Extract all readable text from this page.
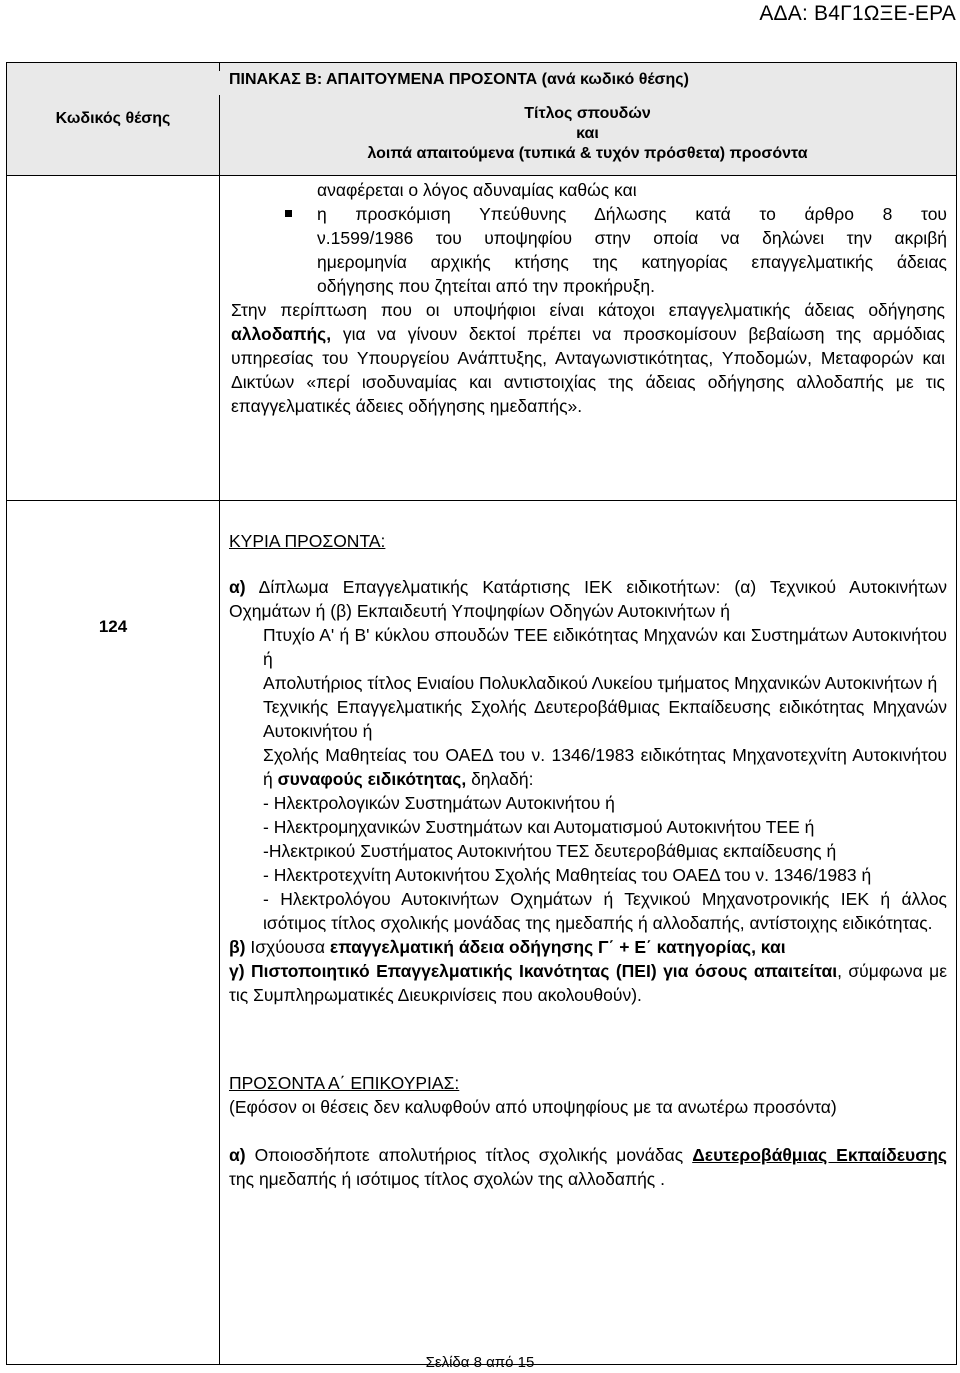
ΑΔΑ: Β4Γ1ΩΞΕ-ΕΡΑ
Κωδικός θέσης	Τίτλος σπουδών
και
λοιπά απαιτούμενα (τυπικά & τυχόν πρόσθετα) προσόντα
ΠΙΝΑΚΑΣ Β: ΑΠΑΙΤΟΥΜΕΝΑ ΠΡΟΣΟΝΤΑ (ανά κωδικό θέσης)
αναφέρεται ο λόγος αδυναμίας καθώς και

η προσκόμιση Υπεύθυνης Δήλωσης κατά το άρθρο 8 του

ν.1599/1986 του υποψηφίου στην οποία να δηλώνει την ακριβή

ημερομηνία αρχικής κτήσης της κατηγορίας επαγγελματικής άδειας

οδήγησης που ζητείται από την προκήρυξη.

Στην περίπτωση που οι υποψήφιοι είναι κάτοχοι επαγγελματικής άδειας οδήγησης αλλοδαπής, για να γίνουν δεκτοί πρέπει να προσκομίσουν βεβαίωση της αρμόδιας υπηρεσίας του Υπουργείου Ανάπτυξης, Ανταγωνιστικότητας, Υποδομών, Μεταφορών και Δικτύων «περί ισοδυναμίας και αντιστοιχίας της άδειας οδήγησης αλλοδαπής με τις επαγγελματικές άδειες οδήγησης ημεδαπής».

124

ΚΥΡΙΑ ΠΡΟΣΟΝΤΑ:

α) Δίπλωμα Επαγγελματικής Κατάρτισης ΙΕΚ ειδικοτήτων: (α) Τεχνικού Αυτοκινήτων Οχημάτων ή (β) Εκπαιδευτή Υποψηφίων Οδηγών Αυτοκινήτων ή

Πτυχίο Α' ή Β' κύκλου σπουδών ΤΕΕ ειδικότητας Μηχανών και Συστημάτων Αυτοκινήτου ή

Απολυτήριος τίτλος Ενιαίου Πολυκλαδικού Λυκείου τμήματος Μηχανικών Αυτοκινήτων ή

Τεχνικής Επαγγελματικής Σχολής Δευτεροβάθμιας Εκπαίδευσης ειδικότητας Μηχανών Αυτοκινήτου ή

Σχολής Μαθητείας του ΟΑΕΔ του ν. 1346/1983 ειδικότητας Μηχανοτεχνίτη Αυτοκινήτου ή συναφούς ειδικότητας, δηλαδή:

- Ηλεκτρολογικών Συστημάτων Αυτοκινήτου ή

- Ηλεκτρομηχανικών Συστημάτων και Αυτοματισμού Αυτοκινήτου ΤΕΕ ή

-Ηλεκτρικού Συστήματος Αυτοκινήτου ΤΕΣ δευτεροβάθμιας εκπαίδευσης ή

- Ηλεκτροτεχνίτη Αυτοκινήτου Σχολής Μαθητείας του ΟΑΕΔ του ν. 1346/1983 ή

- Ηλεκτρολόγου Αυτοκινήτων Οχημάτων ή Τεχνικού Μηχανοτρονικής ΙΕΚ ή άλλος ισότιμος τίτλος σχολικής μονάδας της ημεδαπής ή αλλοδαπής, αντίστοιχης ειδικότητας.

β) Ισχύουσα επαγγελματική άδεια οδήγησης Γ΄ + Ε΄ κατηγορίας, και

γ) Πιστοποιητικό Επαγγελματικής Ικανότητας (ΠΕΙ) για όσους απαιτείται, σύμφωνα με τις Συμπληρωματικές Διευκρινίσεις που ακολουθούν).

ΠΡΟΣΟΝΤΑ Α΄ ΕΠΙΚΟΥΡΙΑΣ:

(Εφόσον οι θέσεις δεν καλυφθούν από υποψηφίους με τα ανωτέρω προσόντα)

α) Οποιοσδήποτε απολυτήριος τίτλος σχολικής μονάδας Δευτεροβάθμιας Εκπαίδευσης της ημεδαπής ή ισότιμος τίτλος σχολών της αλλοδαπής .

Σελίδα 8 από 15
